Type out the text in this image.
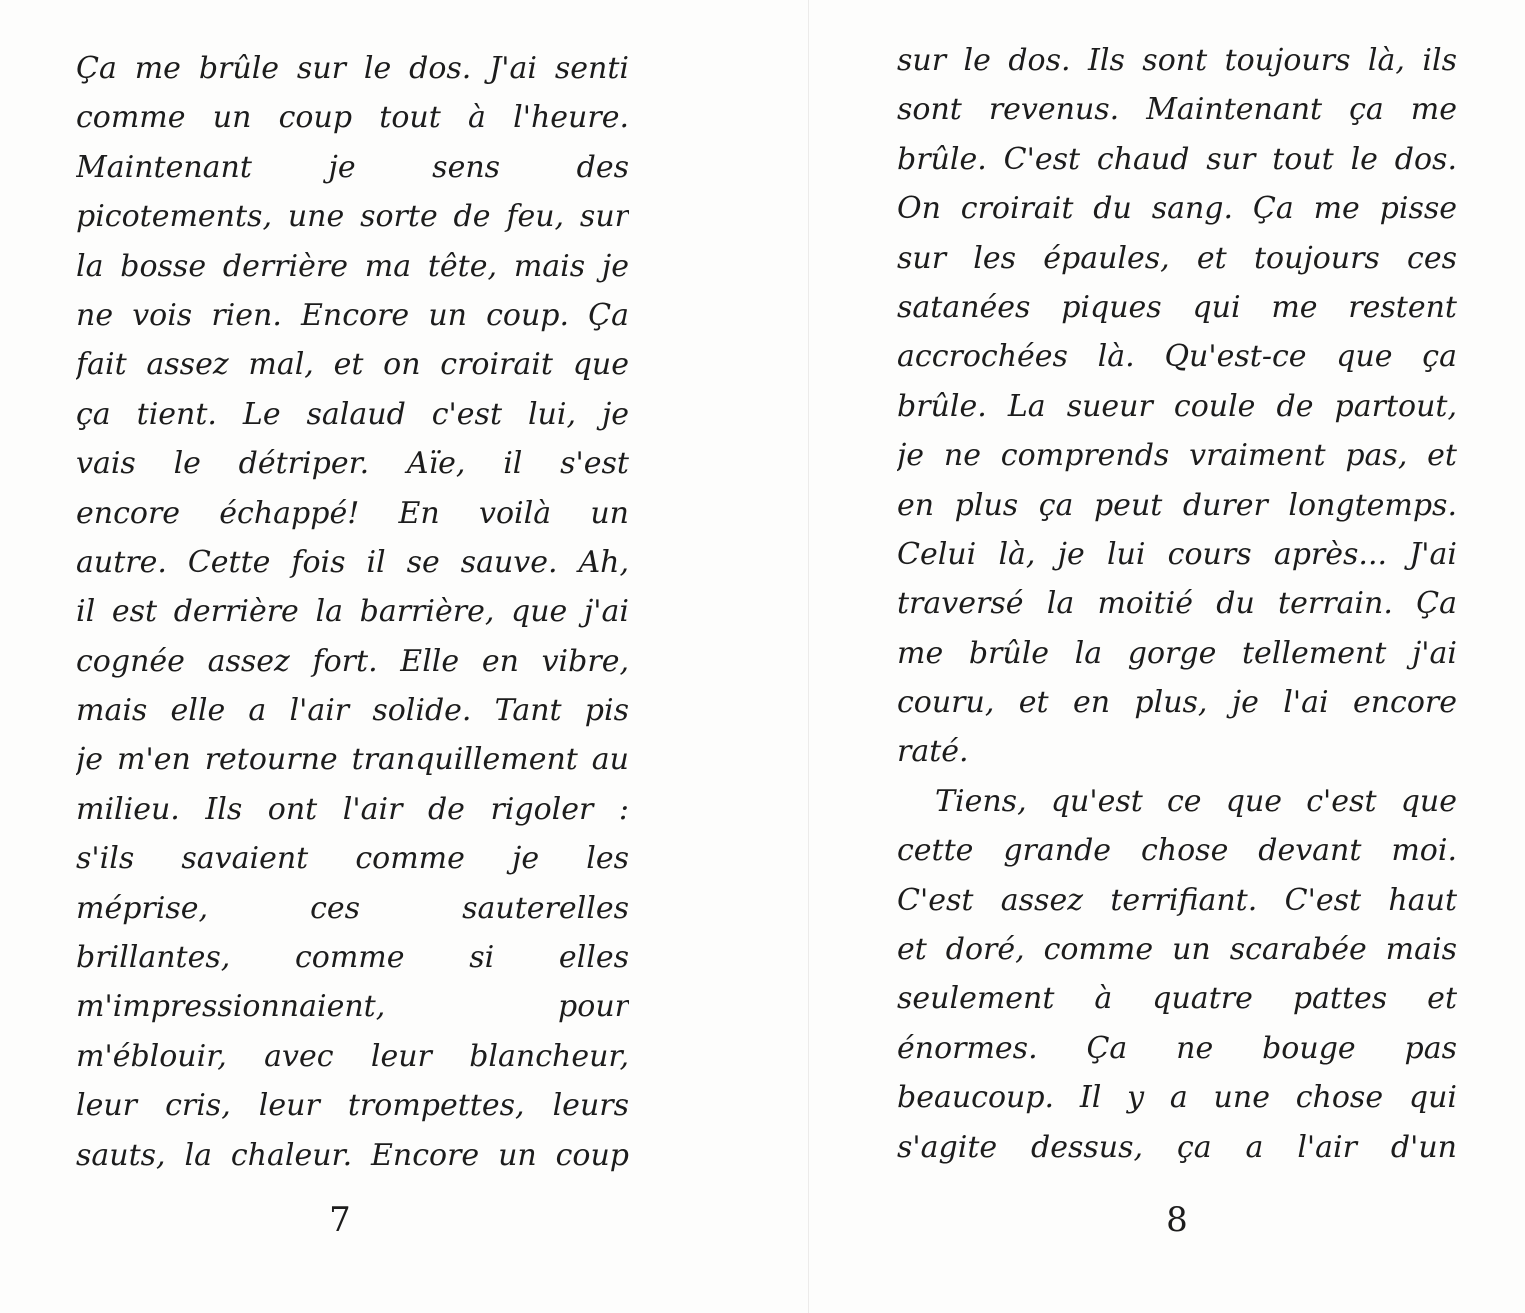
Ça me brûle sur le dos. J'ai senti
comme un coup tout à l'heure.
Maintenant je sens des
picotements, une sorte de feu, sur
la bosse derrière ma tête, mais je
ne vois rien. Encore un coup. Ça
fait assez mal, et on croirait que
ça tient. Le salaud c'est lui, je
vais le détriper. Aïe, il s'est
encore échappé! En voilà un
autre. Cette fois il se sauve. Ah,
il est derrière la barrière, que j'ai
cognée assez fort. Elle en vibre,
mais elle a l'air solide. Tant pis
je m'en retourne tranquillement au
milieu. Ils ont l'air de rigoler :
s'ils savaient comme je les
méprise, ces sauterelles
brillantes, comme si elles
m'impressionnaient, pour
m'éblouir, avec leur blancheur,
leur cris, leur trompettes, leurs
sauts, la chaleur. Encore un coup
7
sur le dos. Ils sont toujours là, ils
sont revenus. Maintenant ça me
brûle. C'est chaud sur tout le dos.
On croirait du sang. Ça me pisse
sur les épaules, et toujours ces
satanées piques qui me restent
accrochées là. Qu'est-ce que ça
brûle. La sueur coule de partout,
je ne comprends vraiment pas, et
en plus ça peut durer longtemps.
Celui là, je lui cours après... J'ai
traversé la moitié du terrain. Ça
me brûle la gorge tellement j'ai
couru, et en plus, je l'ai encore
raté.
Tiens, qu'est ce que c'est que
cette grande chose devant moi.
C'est assez terrifiant. C'est haut
et doré, comme un scarabée mais
seulement à quatre pattes et
énormes. Ça ne bouge pas
beaucoup. Il y a une chose qui
s'agite dessus, ça a l'air d'un
8
